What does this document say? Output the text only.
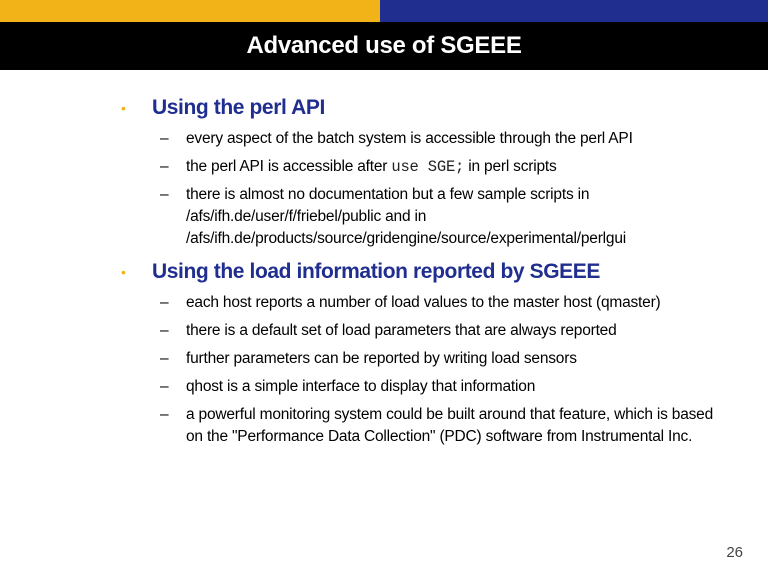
Advanced use of SGEEE
• Using the perl API
– every aspect of the batch system is accessible through the perl API
– the perl API is accessible after use SGE; in perl scripts
– there is almost no documentation but a few sample scripts in
/afs/ifh.de/user/f/friebel/public and in
/afs/ifh.de/products/source/gridengine/source/experimental/perlgui
• Using the load information reported by SGEEE
– each host reports a number of load values to the master host (qmaster)
– there is a default set of load parameters that are always reported
– further parameters can be reported by writing load sensors
– qhost is a simple interface to display that information
– a powerful monitoring system could be built around that feature, which is based
on the "Performance Data Collection" (PDC) software from Instrumental Inc.
26
